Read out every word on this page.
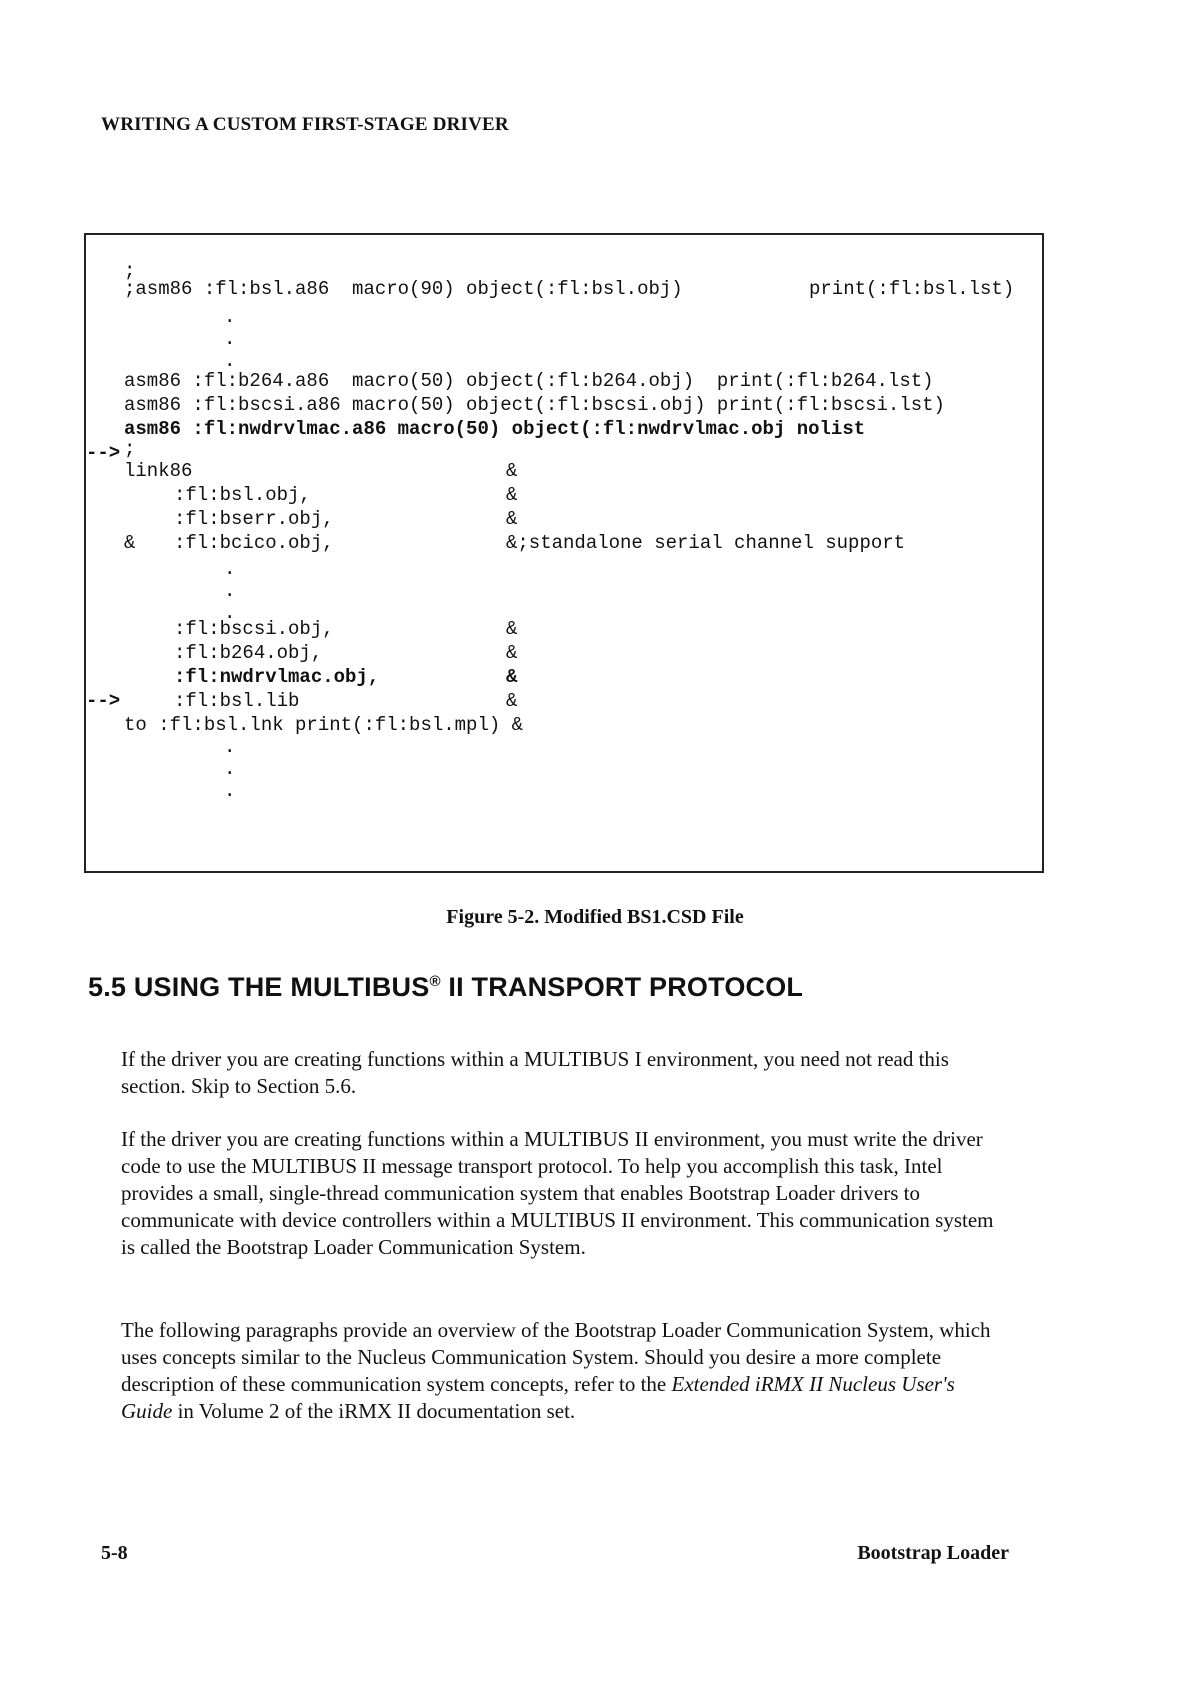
WRITING A CUSTOM FIRST-STAGE DRIVER

;

;asm86 :fl:bsl.a86  macro(90) object(:fl:bsl.obj)

	print(:fl:bsl.lst)

.

.

.

asm86 :fl:b264.a86  macro(50) object(:fl:b264.obj)  print(:fl:b264.lst)

asm86 :fl:bscsi.a86 macro(50) object(:fl:bscsi.obj) print(:fl:bscsi.lst)

-->

asm86 :fl:nwdrvlmac.a86 macro(50) object(:fl:nwdrvlmac.obj nolist

;

link86

	&

:fl:bsl.obj,

	&

:fl:bserr.obj,

	&

&

:fl:bcico.obj,

	&;standalone serial channel support

.

.

.

:fl:bscsi.obj,

	&

:fl:b264.obj,

	&

-->

:fl:nwdrvlmac.obj,

	&

:fl:bsl.lib

	&

to :fl:bsl.lnk print(:fl:bsl.mpl) &

.

.

.

Figure 5-2. Modified BS1.CSD File
5.5 USING THE MULTIBUS® II TRANSPORT PROTOCOL
If the driver you are creating functions within a MULTIBUS I environment, you need not read this section. Skip to Section 5.6.
If the driver you are creating functions within a MULTIBUS II environment, you must write the driver code to use the MULTIBUS II message transport protocol. To help you accomplish this task, Intel provides a small, single-thread communication system that enables Bootstrap Loader drivers to communicate with device controllers within a MULTIBUS II environment. This communication system is called the Bootstrap Loader Communication System.
The following paragraphs provide an overview of the Bootstrap Loader Communication System, which uses concepts similar to the Nucleus Communication System. Should you desire a more complete description of these communication system concepts, refer to the Extended iRMX II Nucleus User's Guide in Volume 2 of the iRMX II documentation set.
5-8	Bootstrap Loader
